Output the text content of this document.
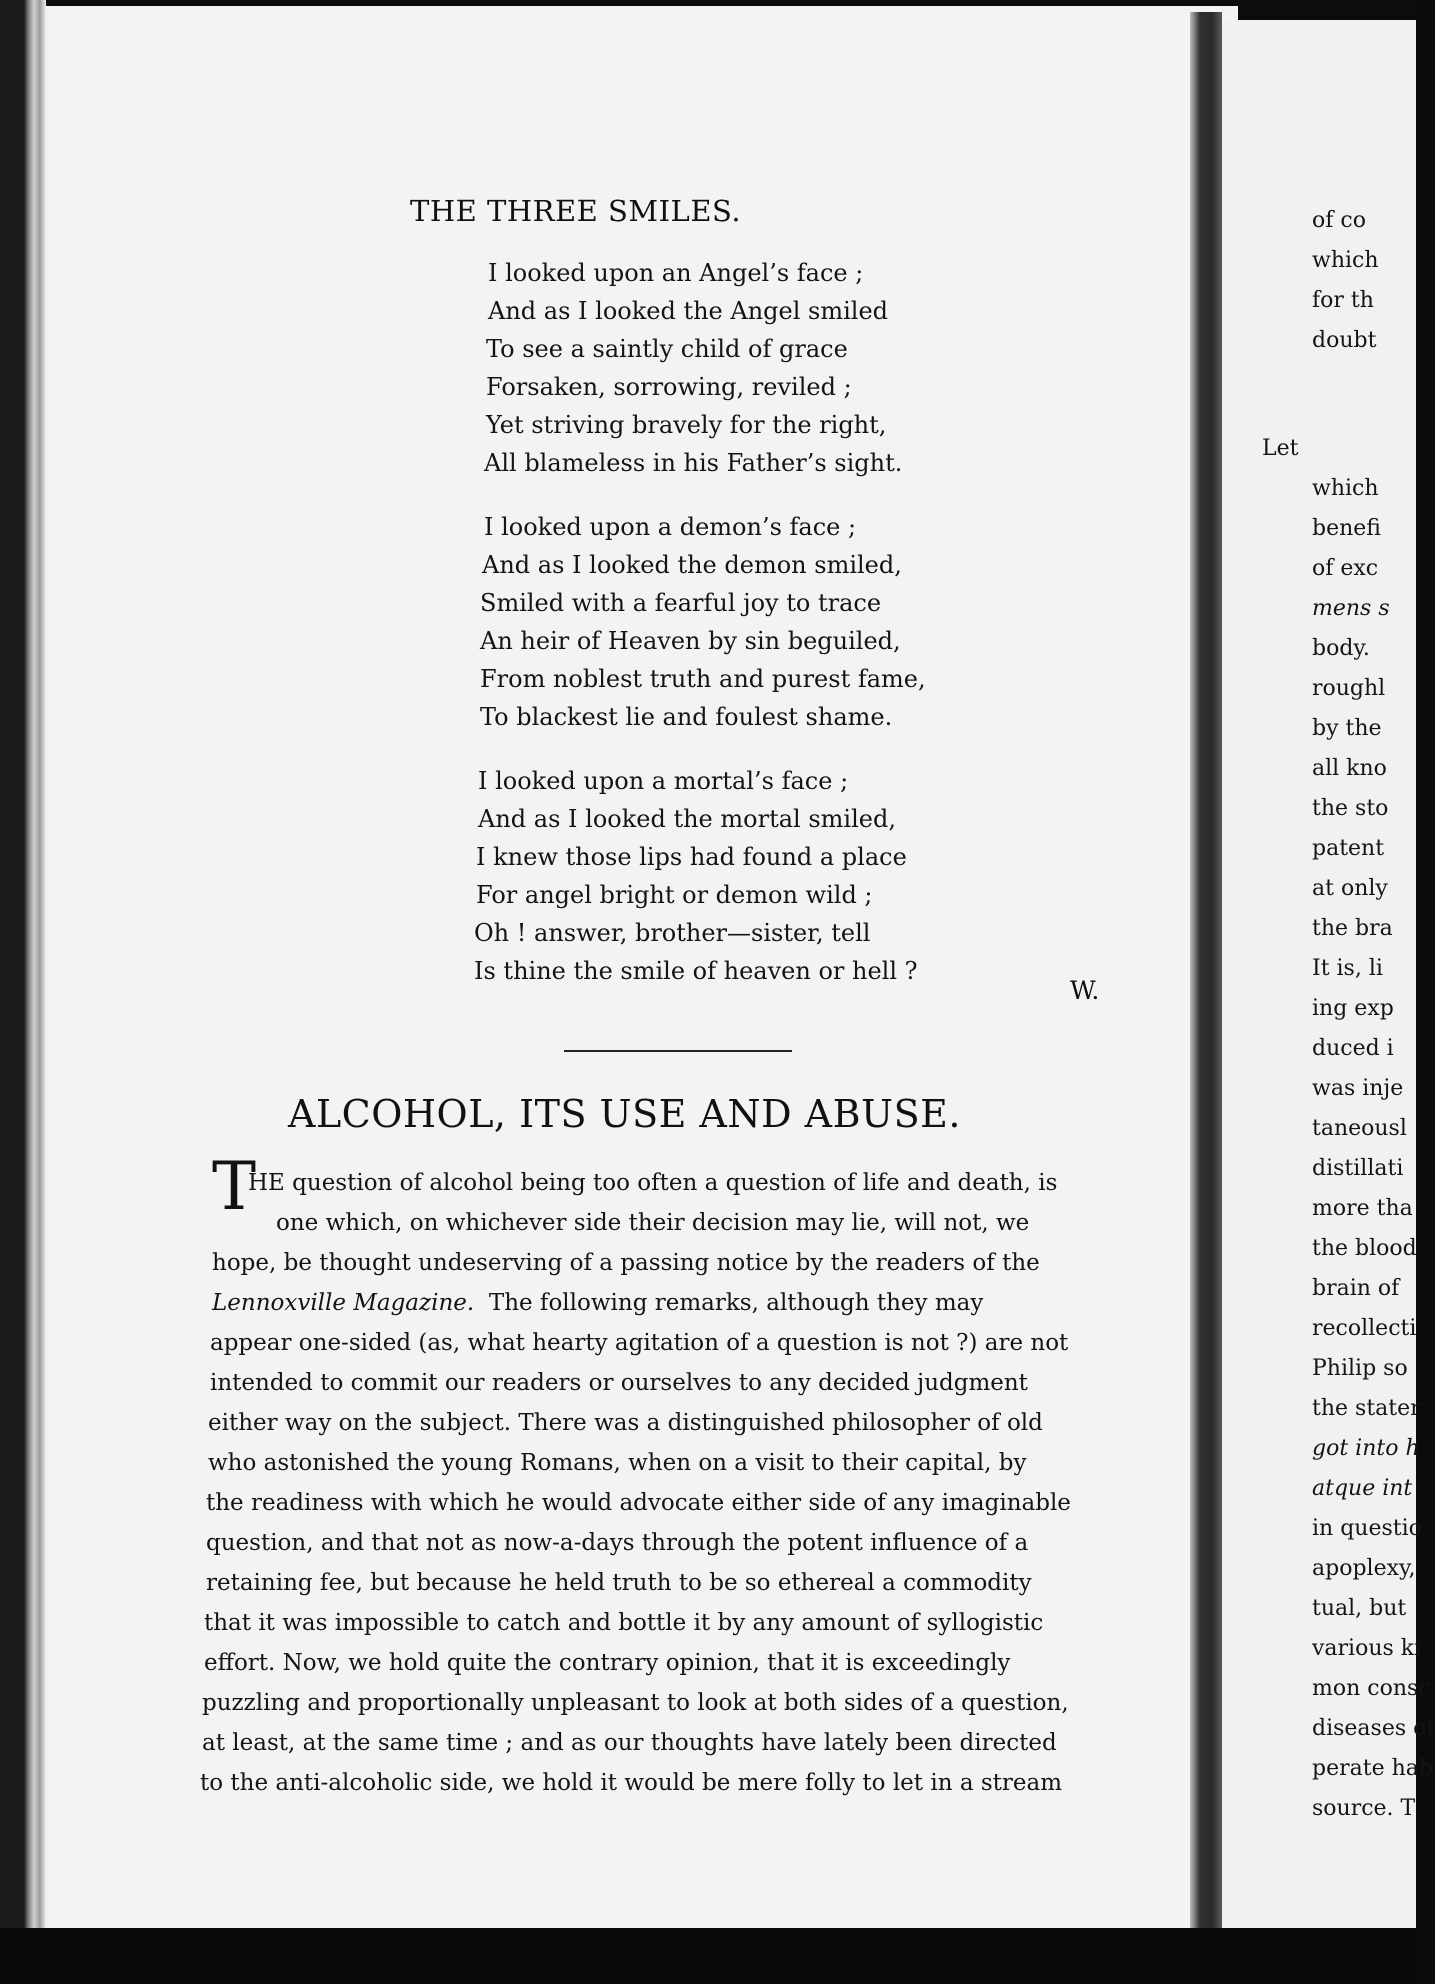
THE THREE SMILES.
I looked upon an Angel’s face ;
And as I looked the Angel smiled
To see a saintly child of grace
Forsaken, sorrowing, reviled ;
Yet striving bravely for the right,
All blameless in his Father’s sight.
I looked upon a demon’s face ;
And as I looked the demon smiled,
Smiled with a fearful joy to trace
An heir of Heaven by sin beguiled,
From noblest truth and purest fame,
To blackest lie and foulest shame.
I looked upon a mortal’s face ;
And as I looked the mortal smiled,
I knew those lips had found a place
For angel bright or demon wild ;
Oh ! answer, brother—sister, tell
Is thine the smile of heaven or hell ?
W.
ALCOHOL, ITS USE AND ABUSE.
T
HE question of alcohol being too often a question of life and death, is
one which, on whichever side their decision may lie, will not, we
hope, be thought undeserving of a passing notice by the readers of the
Lennoxville Magazine.  The following remarks, although they may
appear one-sided (as, what hearty agitation of a question is not ?) are not
intended to commit our readers or ourselves to any decided judgment
either way on the subject. There was a distinguished philosopher of old
who astonished the young Romans, when on a visit to their capital, by
the readiness with which he would advocate either side of any imaginable
question, and that not as now-a-days through the potent influence of a
retaining fee, but because he held truth to be so ethereal a commodity
that it was impossible to catch and bottle it by any amount of syllogistic
effort. Now, we hold quite the contrary opinion, that it is exceedingly
puzzling and proportionally unpleasant to look at both sides of a question,
at least, at the same time ; and as our thoughts have lately been directed
to the anti-alcoholic side, we hold it would be mere folly to let in a stream
of co
which
for th
doubt
Let
which
benefi
of exc
mens s
body.
roughl
by the
all kno
the sto
patent
at only
the bra
It is, li
ing exp
duced i
was inje
taneousl
distillati
more tha
the blood
brain of
recollecti
Philip so
the stater
got into h
atque int
in questio
apoplexy,
tual, but
various ki
mon consc
diseases of
perate hab
source. T
